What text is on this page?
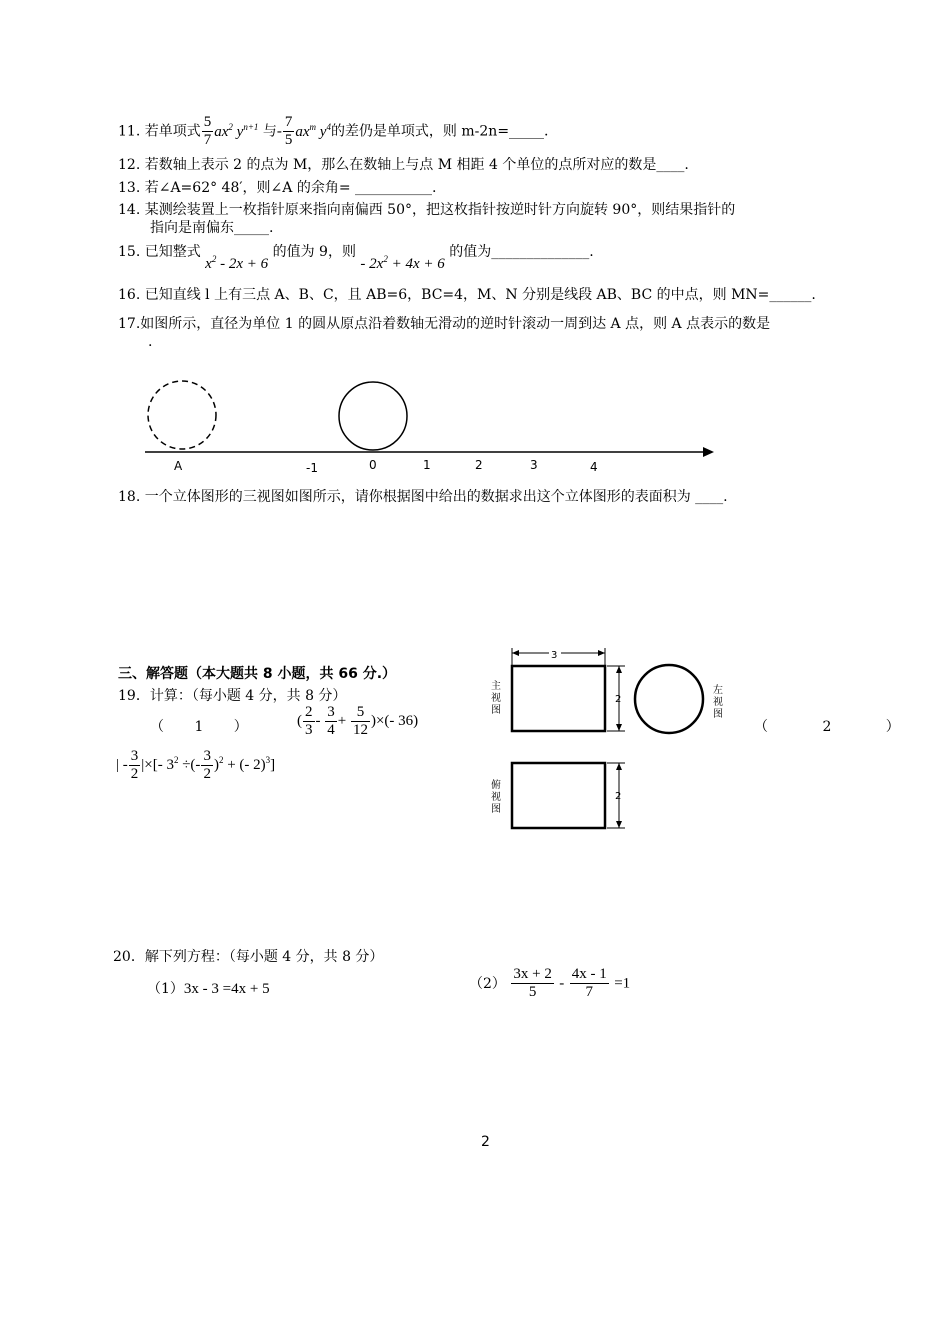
11. 若单项式 $\frac{5}{7} ax^2$ $y^{n+1}$ 与- $\frac{7}{5} ax^m$ $y^4$的差仍是单项式，则 m-2n=_____.
12. 若数轴上表示 2 的点为 M，那么在数轴上与点 M 相距 4 个单位的点所对应的数是____.
13. 若∠A=62° 48′，则∠A 的余角= ___________.
14. 某测绘装置上一枚指针原来指向南偏西 50°，把这枚指针按逆时针方向旋转 90°，则结果指针的
指向是南偏东_____.
15. 已知整式 $x^2 - 2x + 6$ 的值为 9，则 - $2x^2 + 4x + 6$ 的值为______________.
16. 已知直线 l 上有三点 A、B、C，且 AB=6，BC=4，M、N 分别是线段 AB、BC 的中点，则 MN=______.
17.如图所示，直径为单位 1 的圆从原点沿着数轴无滑动的逆时针滚动一周到达 A 点，则 A 点表示的数是
.
A	-1	0	1	2	3	4
18. 一个立体图形的三视图如图所示，请你根据图中给出的数据求出这个立体图形的表面积为 ____.
三、解答题（本大题共 8 小题，共 66 分.）
19．计算：（每小题 4 分，共 8 分）
（ 1 ）	( $\frac{2}{3} - \frac{3}{4} + \frac{5}{12}$ )×(- 36)	（ 2 ）
| - $\frac{3}{2}$ |×[- $3^2$ ÷(- $\frac{3}{2} )^2$ + (- 2)$^3$]
3
主视图
2
左视图
俯视图
2
20．解下列方程：（每小题 4 分，共 8 分）
（1）3x - 3 =4x + 5	$(2) \frac{3x + 2}{5} - \frac{4x - 1}{7} =1$
2
